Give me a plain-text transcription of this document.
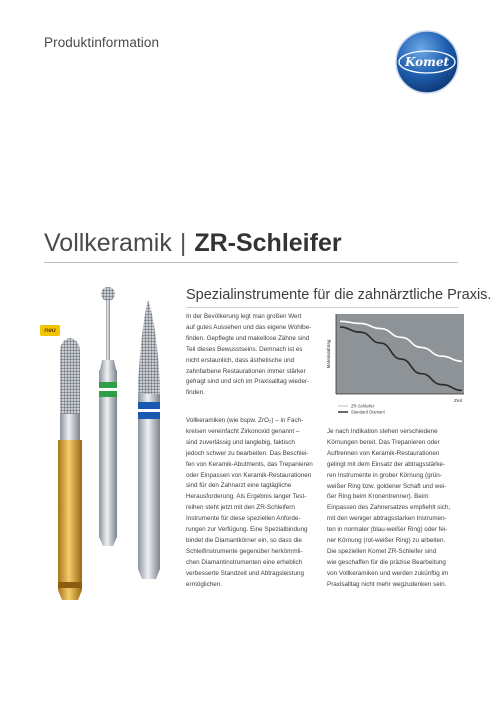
Produktinformation
Komet
Vollkeramik | ZR-Schleifer
Spezialinstrumente für die zahnärztliche Praxis.
neu
In der Bevölkerung legt man großen Wert
auf gutes Aussehen und das eigene Wohlbe-
finden. Gepflegte und makellose Zähne sind
Teil dieses Bewusstseins. Demnach ist es
nicht erstaunlich, dass ästhetische und
zahnfarbene Restaurationen immer stärker
gefragt sind und sich im Praxisalltag wieder-
finden.
Vollkeramiken (wie bspw. ZrO₂) – in Fach-
kreisen vereinfacht Zirkonoxid genannt –
sind zuverlässig und langlebig, faktisch
jedoch schwer zu bearbeiten. Das Beschlei-
fen von Keramik-Abutments, das Trepanieren
oder Einpassen von Keramik-Restaurationen
sind für den Zahnarzt eine tagtägliche
Herausforderung. Als Ergebnis langer Test-
reihen steht jetzt mit den ZR-Schleifern
Instrumente für diese speziellen Anforde-
rungen zur Verfügung. Eine Spezialbindung
bindet die Diamantkörner ein, so dass die
Schleifinstrumente gegenüber herkömmli-
chen Diamantinstrumenten eine erheblich
verbesserte Standzeit und Abtragsleistung
ermöglichen.
Je nach Indikation stehen verschiedene
Körnungen bereit. Das Trepanieren oder
Auftrennen von Keramik-Restaurationen
gelingt mit dem Einsatz der abtragsstärke-
ren Instrumente in grober Körnung (grün-
weißer Ring bzw. goldener Schaft und wei-
ßer Ring beim Kronentrenner). Beim
Einpassen des Zahnersatzes empfiehlt sich,
mit den weniger abtragsstarken Instrumen-
ten in normaler (blau-weißer Ring) oder fei-
ner Körnung (rot-weißer Ring) zu arbeiten.
Die speziellen Komet ZR-Schleifer sind
wie geschaffen für die präzise Bearbeitung
von Vollkeramiken und werden zukünftig im
Praxisalltag nicht mehr wegzudenken sein.
Materialabtrag
Zeit
ZR-Schleifer
Standard Diamant
